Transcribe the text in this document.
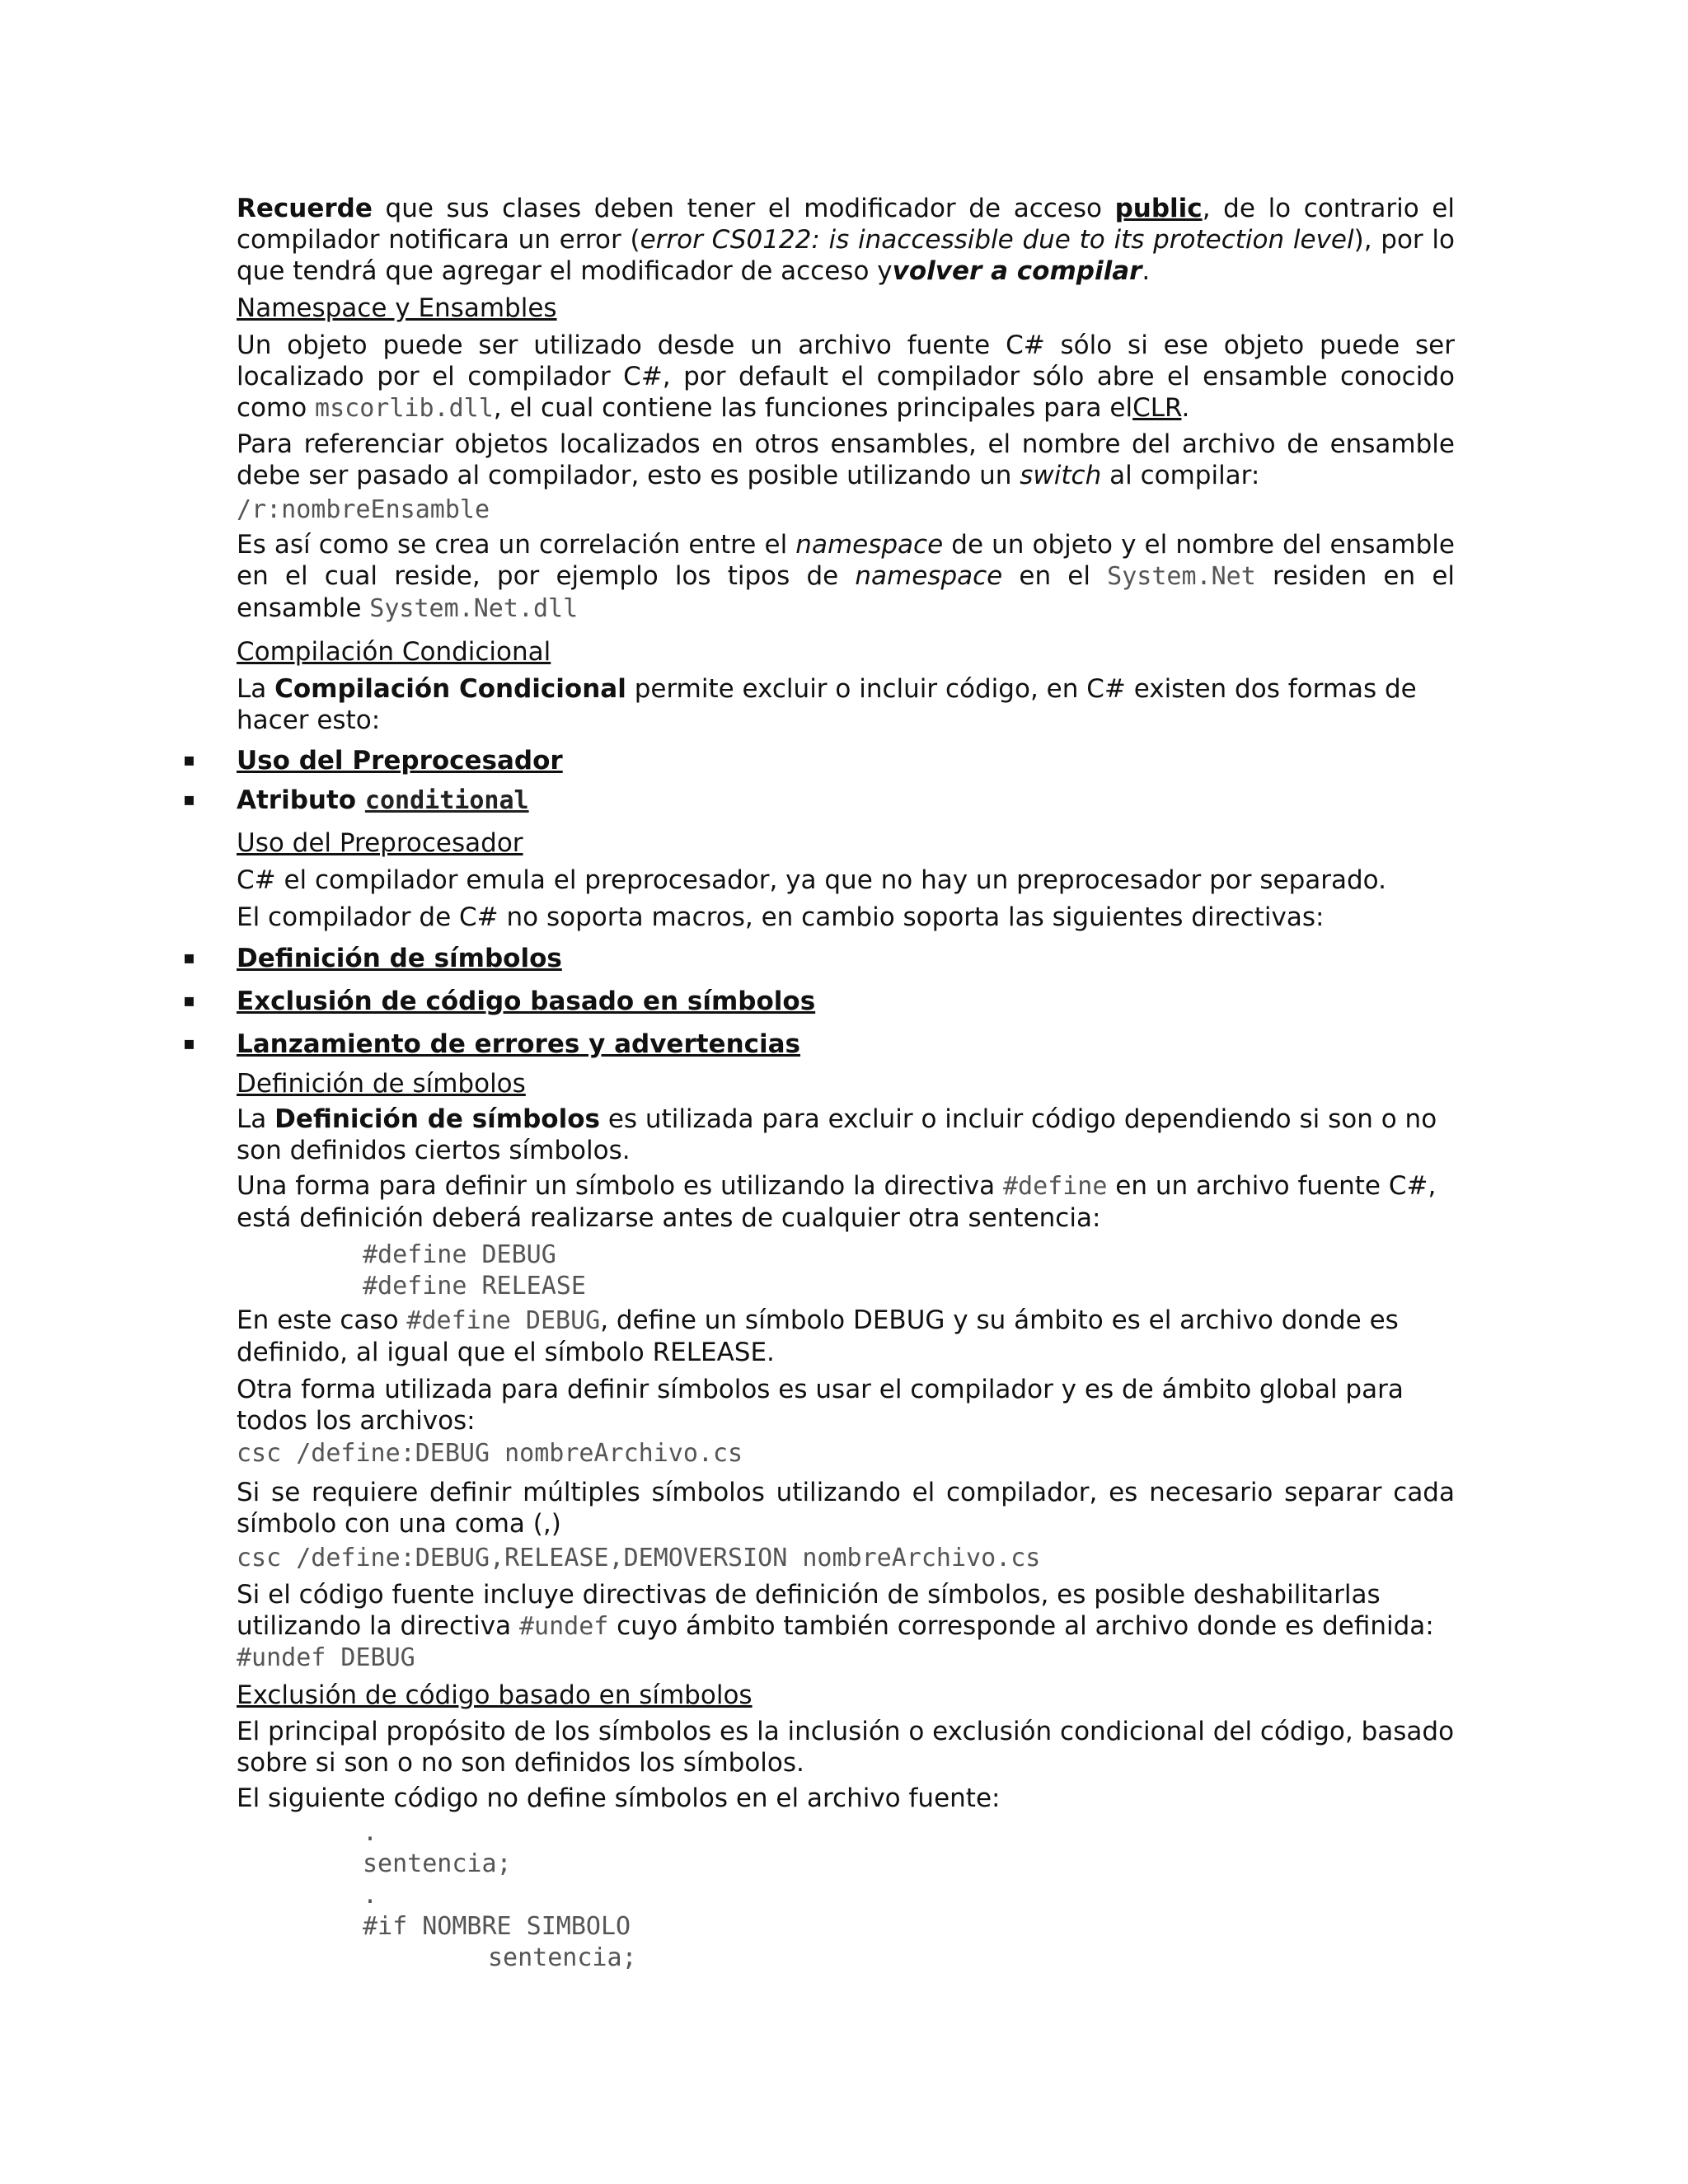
Recuerde que sus clases deben tener el modificador de acceso public, de lo contrario el compilador notificara un error (error CS0122: is inaccessible due to its protection level), por lo que tendrá que agregar el modificador de acceso yvolver a compilar.

Namespace y Ensambles

Un objeto puede ser utilizado desde un archivo fuente C# sólo si ese objeto puede ser localizado por el compilador C#, por default el compilador sólo abre el ensamble conocido como mscorlib.dll, el cual contiene las funciones principales para elCLR.

Para referenciar objetos localizados en otros ensambles, el nombre del archivo de ensamble debe ser pasado al compilador, esto es posible utilizando un switch al compilar:

/r:nombreEnsamble

Es así como se crea un correlación entre el namespace de un objeto y el nombre del ensamble en el cual reside, por ejemplo los tipos de namespace en el System.Net residen en el ensamble System.Net.dll

Compilación Condicional

La Compilación Condicional permite excluir o incluir código, en C# existen dos formas de hacer esto:

▪ Uso del Preprocesador
▪ Atributo conditional

Uso del Preprocesador

C# el compilador emula el preprocesador, ya que no hay un preprocesador por separado.

El compilador de C# no soporta macros, en cambio soporta las siguientes directivas:

▪ Definición de símbolos
▪ Exclusión de código basado en símbolos
▪ Lanzamiento de errores y advertencias

Definición de símbolos

La Definición de símbolos es utilizada para excluir o incluir código dependiendo si son o no son definidos ciertos símbolos.

Una forma para definir un símbolo es utilizando la directiva #define en un archivo fuente C#, está definición deberá realizarse antes de cualquier otra sentencia:

#define DEBUG

#define RELEASE

En este caso #define DEBUG, define un símbolo DEBUG y su ámbito es el archivo donde es definido, al igual que el símbolo RELEASE.

Otra forma utilizada para definir símbolos es usar el compilador y es de ámbito global para todos los archivos:

csc /define:DEBUG nombreArchivo.cs

Si se requiere definir múltiples símbolos utilizando el compilador, es necesario separar cada símbolo con una coma (,)

csc /define:DEBUG,RELEASE,DEMOVERSION nombreArchivo.cs

Si el código fuente incluye directivas de definición de símbolos, es posible deshabilitarlas utilizando la directiva #undef cuyo ámbito también corresponde al archivo donde es definida:

#undef DEBUG

Exclusión de código basado en símbolos

El principal propósito de los símbolos es la inclusión o exclusión condicional del código, basado sobre si son o no son definidos los símbolos.

El siguiente código no define símbolos en el archivo fuente:

.

sentencia;

.

#if NOMBRE SIMBOLO

sentencia;
